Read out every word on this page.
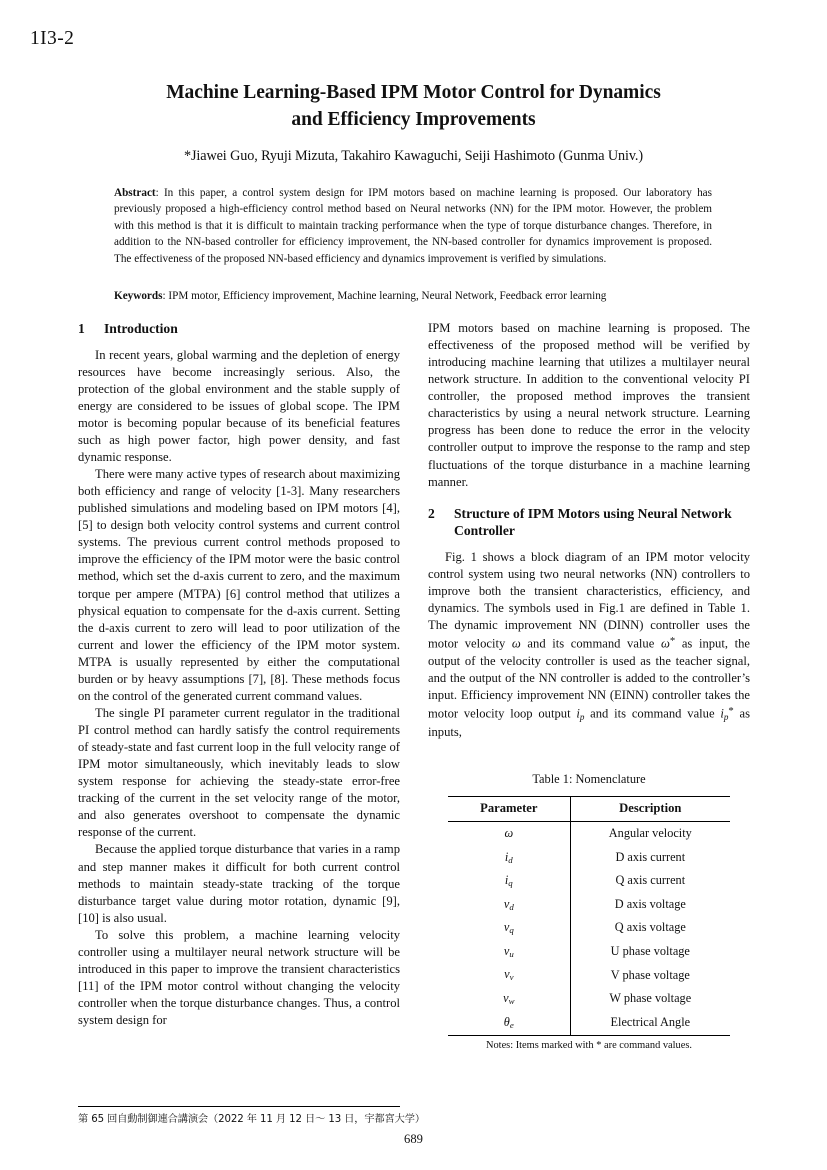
1I3-2
Machine Learning-Based IPM Motor Control for Dynamics
and Efficiency Improvements
*Jiawei Guo, Ryuji Mizuta, Takahiro Kawaguchi, Seiji Hashimoto (Gunma Univ.)
Abstract: In this paper, a control system design for IPM motors based on machine learning is proposed. Our laboratory has previously proposed a high-efficiency control method based on Neural networks (NN) for the IPM motor. However, the problem with this method is that it is difficult to maintain tracking performance when the type of torque disturbance changes. Therefore, in addition to the NN-based controller for efficiency improvement, the NN-based controller for dynamics improvement is proposed. The effectiveness of the proposed NN-based efficiency and dynamics improvement is verified by simulations.
Keywords: IPM motor, Efficiency improvement, Machine learning, Neural Network, Feedback error learning
1 Introduction

In recent years, global warming and the depletion of energy resources have become increasingly serious. Also, the protection of the global environment and the stable supply of energy are considered to be issues of global scope. The IPM motor is becoming popular because of its beneficial features such as high power factor, high power density, and fast dynamic response.

There were many active types of research about maximizing both efficiency and range of velocity [1-3]. Many researchers published simulations and modeling based on IPM motors [4], [5] to design both velocity control systems and current control systems. The previous current control methods proposed to improve the efficiency of the IPM motor were the basic control method, which set the d-axis current to zero, and the maximum torque per ampere (MTPA) [6] control method that utilizes a physical equation to compensate for the d-axis current. Setting the d-axis current to zero will lead to poor utilization of the current and lower the efficiency of the IPM motor system. MTPA is usually represented by either the computational burden or by heavy assumptions [7], [8]. These methods focus on the control of the generated current command values.

The single PI parameter current regulator in the traditional PI control method can hardly satisfy the control requirements of steady-state and fast current loop in the full velocity range of IPM motor simultaneously, which inevitably leads to slow system response for achieving the steady-state error-free tracking of the current in the set velocity range of the motor, and also generates overshoot to compensate the dynamic response of the current.

Because the applied torque disturbance that varies in a ramp and step manner makes it difficult for both current control methods to maintain steady-state tracking of the torque disturbance target value during motor rotation, dynamic [9], [10] is also usual.

To solve this problem, a machine learning velocity controller using a multilayer neural network structure will be introduced in this paper to improve the transient characteristics [11] of the IPM motor control without changing the velocity controller when the torque disturbance changes. Thus, a control system design for

IPM motors based on machine learning is proposed. The effectiveness of the proposed method will be verified by introducing machine learning that utilizes a multilayer neural network structure. In addition to the conventional velocity PI controller, the proposed method improves the transient characteristics by using a neural network structure. Learning progress has been done to reduce the error in the velocity controller output to improve the response to the ramp and step fluctuations of the torque disturbance in a machine learning manner.

2 Structure of IPM Motors using Neural Network Controller

Fig. 1 shows a block diagram of an IPM motor velocity control system using two neural networks (NN) controllers to improve both the transient characteristics, efficiency, and dynamics. The symbols used in Fig.1 are defined in Table 1. The dynamic improvement NN (DINN) controller uses the motor velocity ω and its command value ω* as input, the output of the velocity controller is used as the teacher signal, and the output of the NN controller is added to the controller’s input. Efficiency improvement NN (EINN) controller takes the motor velocity loop output $i_p$ and its command value $i_p*$ as inputs,

Table 1: Nomenclature
Parameter	Description
ω	Angular velocity
$i_d$	D axis current
$i_q$	Q axis current
$v_d$	D axis voltage
$v_q$	Q axis voltage
$v_u$	U phase voltage
$v_v$	V phase voltage
$v_w$	W phase voltage
$\theta_e$	Electrical Angle
Notes: Items marked with * are command values.
第 65 回自動制御連合講演会（2022 年 11 月 12 日～ 13 日，宇都宮大学）
689
